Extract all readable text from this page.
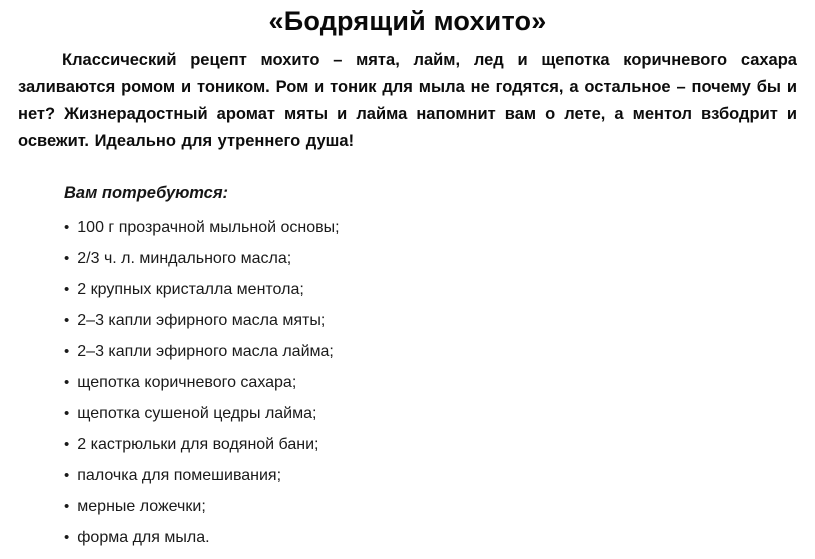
«Бодрящий мохито»

Классический рецепт мохито – мята, лайм, лед и щепотка коричневого сахара заливаются ромом и тоником. Ром и тоник для мыла не годятся, а остальное – почему бы и нет? Жизнерадостный аромат мяты и лайма напомнит вам о лете, а ментол взбодрит и освежит. Идеально для утреннего душа!

Вам потребуются:

• 100 г прозрачной мыльной основы;
• 2/3 ч. л. миндального масла;
• 2 крупных кристалла ментола;
• 2–3 капли эфирного масла мяты;
• 2–3 капли эфирного масла лайма;
• щепотка коричневого сахара;
• щепотка сушеной цедры лайма;
• 2 кастрюльки для водяной бани;
• палочка для помешивания;
• мерные ложечки;
• форма для мыла.
